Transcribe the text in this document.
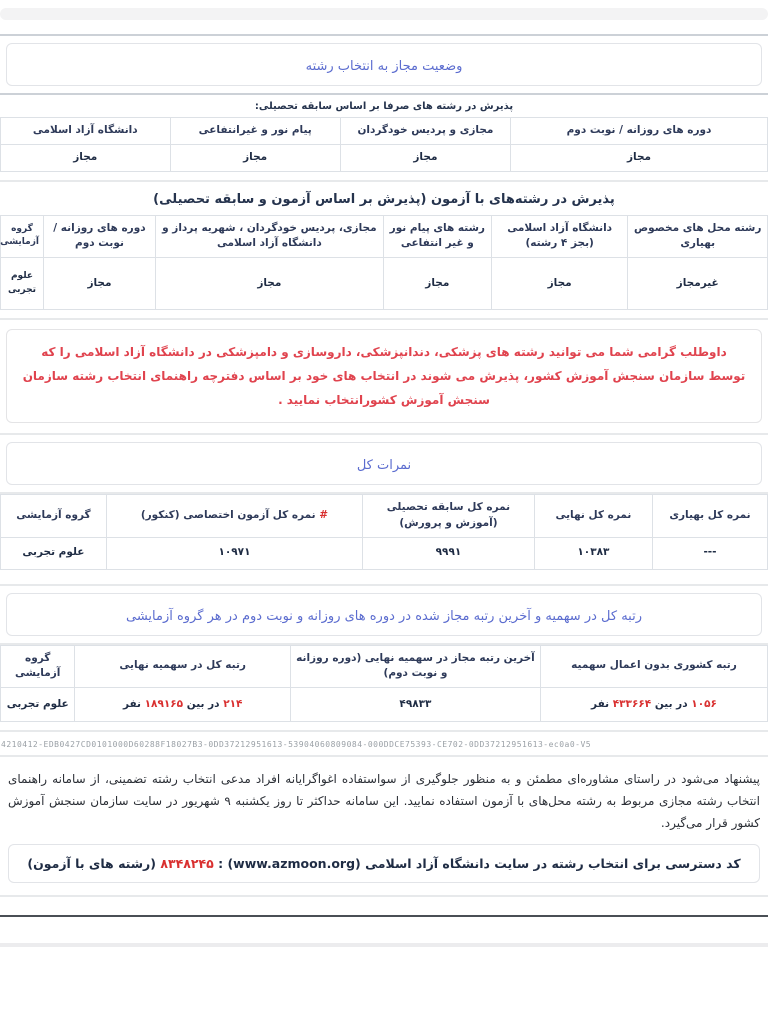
وضعیت مجاز به انتخاب رشته
پذیرش در رشته های صرفا بر اساس سابقه تحصیلی:
دوره های روزانه / نوبت دوم	مجازی و پردیس خودگردان	پیام نور و غیرانتفاعی	دانشگاه آزاد اسلامی
مجاز	مجاز	مجاز	مجاز
پذیرش در رشته‌های با آزمون (پذیرش بر اساس آزمون و سابقه تحصیلی)
رشته محل های مخصوص بهیاری	دانشگاه آزاد اسلامی (بجز ۴ رشته)	رشته های پیام نور و غیر انتفاعی	مجازی، پردیس خودگردان ، شهریه پرداز و دانشگاه آزاد اسلامی	دوره های روزانه / نوبت دوم	گروه آزمایشی
غیرمجاز	مجاز	مجاز	مجاز	مجاز	علوم تجربی
داوطلب گرامی شما می توانید رشته های پزشکی، دندانپزشکی، داروسازی و دامپزشکی در دانشگاه آزاد اسلامی را که توسط سازمان سنجش آموزش کشور، پذیرش می شوند در انتخاب های خود بر اساس دفترچه راهنمای انتخاب رشته سازمان سنجش آموزش کشورانتخاب نمایید .
نمرات کل
نمره کل بهیاری	نمره کل نهایی	نمره کل سابقه تحصیلی (آموزش و پرورش)	# نمره کل آزمون اختصاصی (کنکور)	گروه آزمایشی
---	۱۰۳۸۳	۹۹۹۱	۱۰۹۷۱	علوم تجربی
رتبه کل در سهمیه و آخرین رتبه مجاز شده در دوره های روزانه و نوبت دوم در هر گروه آزمایشی
رتبه کشوری بدون اعمال سهمیه	آخرین رتبه مجاز در سهمیه نهایی (دوره روزانه و نوبت دوم)	رتبه کل در سهمیه نهایی	گروه آزمایشی
۱۰۵۶ در بین ۴۳۳۶۶۴ نفر	۴۹۸۳۳	۲۱۴ در بین ۱۸۹۱۶۵ نفر	علوم تجربی
4210412-EDB0427CD0101000D60288F18027B3-0DD37212951613-53904060809084-000DDCE75393-CE702-0DD37212951613-ec0a0-V5

پیشنهاد می‌شود در راستای مشاوره‌ای مطمئن و به منظور جلوگیری از سواستفاده اغواگرایانه افراد مدعی انتخاب رشته تضمینی، از سامانه راهنمای انتخاب رشته مجازی مربوط به رشته محل‌های با آزمون استفاده نمایید. این سامانه حداکثر تا روز یکشنبه ۹ شهریور در سایت سازمان سنجش آموزش کشور قرار می‌گیرد.

کد دسترسی برای انتخاب رشته در سایت دانشگاه آزاد اسلامی (www.azmoon.org) : ۸۳۴۸۲۴۵ (رشته های با آزمون)
